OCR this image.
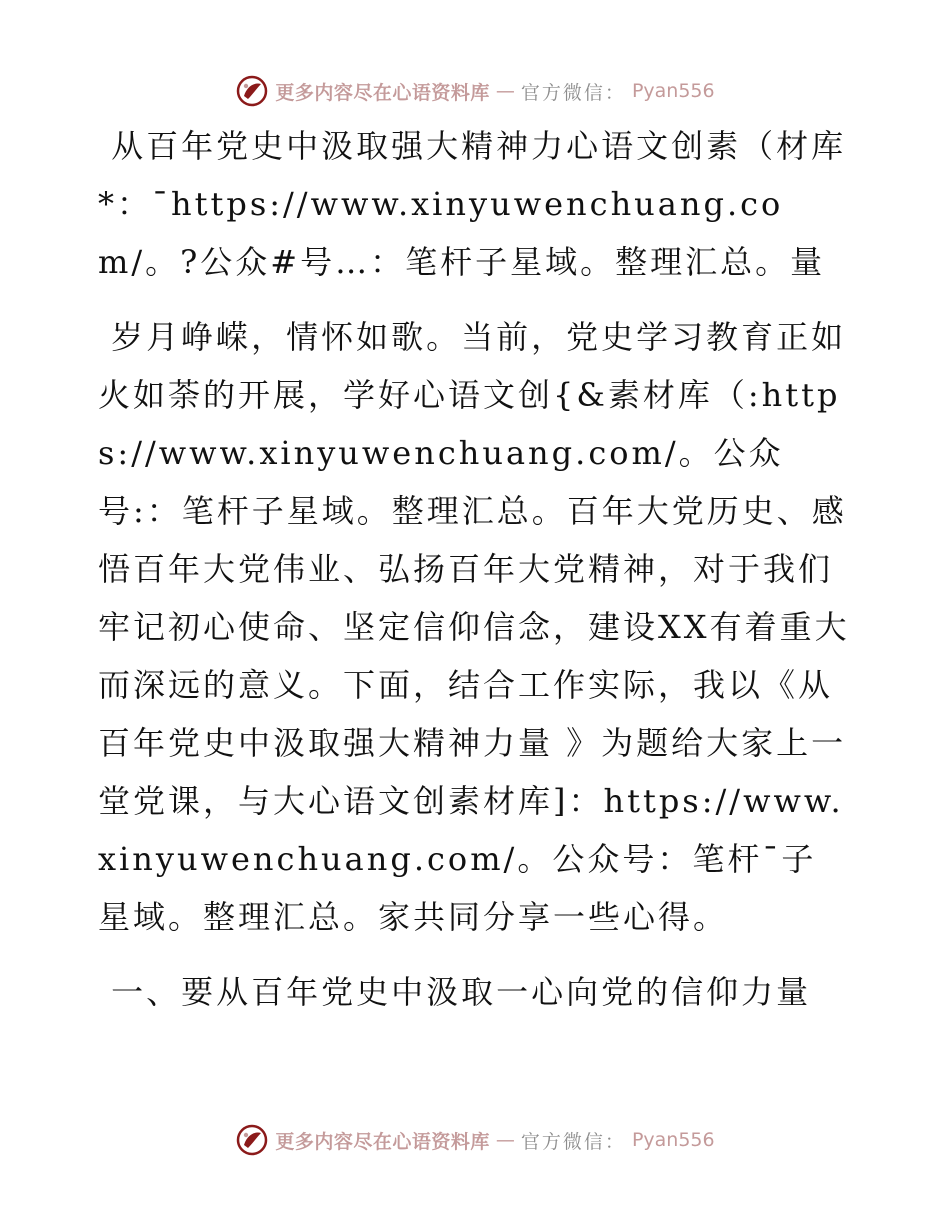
更多内容尽在心语资料库 — 官方微信： Pyan556

从百年党史中汲取强大精神力心语文创素（材库*：¯https://www.xinyuwenchuang.com/。?公众#号…：笔杆子星域。整理汇总。量

岁月峥嵘，情怀如歌。当前，党史学习教育正如火如荼的开展，学好心语文创{&素材库（:https://www.xinyuwenchuang.com/。公众号:：笔杆子星域。整理汇总。百年大党历史、感悟百年大党伟业、弘扬百年大党精神，对于我们牢记初心使命、坚定信仰信念，建设XX有着重大而深远的意义。下面，结合工作实际，我以《从百年党史中汲取强大精神力量 》为题给大家上一堂党课，与大心语文创素材库]：https://www.xinyuwenchuang.com/。公众号：笔杆¯子星域。整理汇总。家共同分享一些心得。

一、要从百年党史中汲取一心向党的信仰力量

更多内容尽在心语资料库 — 官方微信： Pyan556
